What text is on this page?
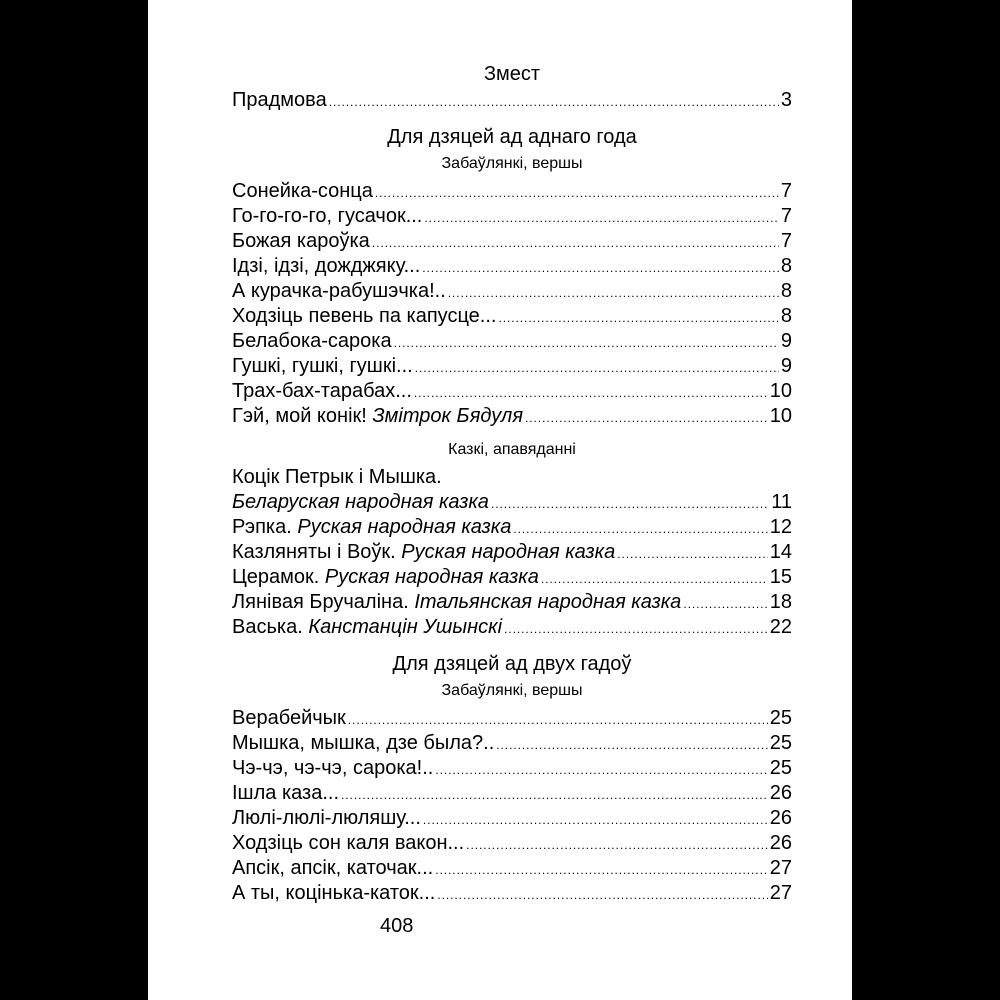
Змест
Прадмова . . .	3
Для дзяцей ад аднаго года
Забаўлянкі, вершы
Сонейка-сонца . . .	7
Го-го-го-го, гусачок... . . .	7
Божая кароўка . . .	7
Ідзі, ідзі, дожджяку... . . .	8
А курачка-рабушэчка!.. . . .	8
Ходзіць певень па капусце... . . .	8
Белабока-сарока . . .	9
Гушкі, гушкі, гушкі... . . .	9
Трах-бах-тарабах... . . .	10
Гэй, мой конік! Змітрок Бядуля . . .	10
Казкі, апавяданні
Коцік Петрык і Мышка.
Беларуская народная казка . . .	11
Рэпка. Руская народная казка . . .	12
Казляняты і Воўк. Руская народная казка . . .	14
Церамок. Руская народная казка . . .	15
Лянівая Бручаліна. Італьянская народная казка . . .	18
Васька. Канстанцін Ушынскі . . .	22
Для дзяцей ад двух гадоў
Забаўлянкі, вершы
Верабейчык . . .	25
Мышка, мышка, дзе была?.. . . .	25
Чэ-чэ, чэ-чэ, сарока!.. . . .	25
Ішла каза... . . .	26
Люлі-люлі-люляшу... . . .	26
Ходзіць сон каля вакон... . . .	26
Апсік, апсік, каточак... . . .	27
А ты, коцінька-каток... . . .	27
408
